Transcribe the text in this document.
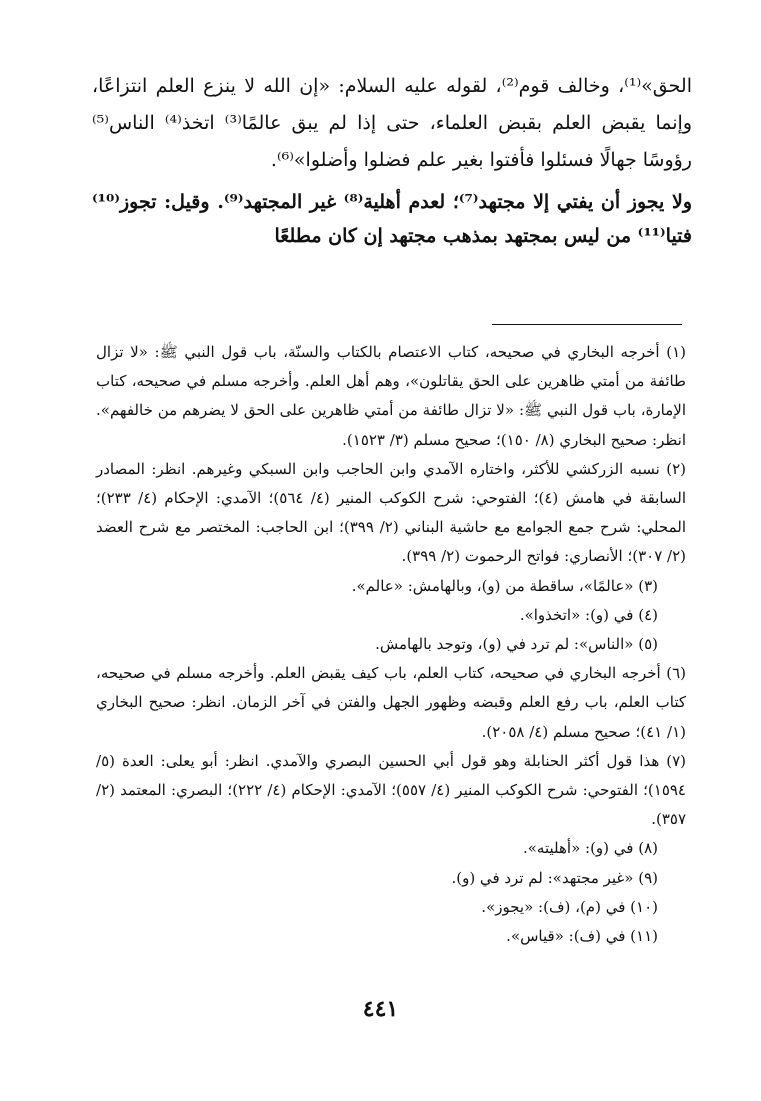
الحق»⁽¹⁾، وخالف قوم⁽²⁾، لقوله عليه السلام: «إن الله لا ينزع العلم انتزاعًا، وإنما يقبض العلم بقبض العلماء، حتى إذا لم يبق عالمًا⁽³⁾ اتخذ⁽⁴⁾ الناس⁽⁵⁾ رؤوسًا جهالًا فسئلوا فأفتوا بغير علم فضلوا وأضلوا»⁽⁶⁾.

ولا يجوز أن يفتي إلا مجتهد⁽⁷⁾؛ لعدم أهلية⁽⁸⁾ غير المجتهد⁽⁹⁾. وقيل: تجوز⁽¹⁰⁾ فتيا⁽¹¹⁾ من ليس بمجتهد بمذهب مجتهد إن كان مطلعًا

(١) أخرجه البخاري في صحيحه، كتاب الاعتصام بالكتاب والسنّة، باب قول النبي ﷺ: «لا تزال طائفة من أمتي ظاهرين على الحق يقاتلون»، وهم أهل العلم. وأخرجه مسلم في صحيحه، كتاب الإمارة، باب قول النبي ﷺ: «لا تزال طائفة من أمتي ظاهرين على الحق لا يضرهم من خالفهم». انظر: صحيح البخاري (٨/ ١٥٠)؛ صحيح مسلم (٣/ ١٥٢٣).

(٢) نسبه الزركشي للأكثر، واختاره الآمدي وابن الحاجب وابن السبكي وغيرهم. انظر: المصادر السابقة في هامش (٤)؛ الفتوحي: شرح الكوكب المنير (٤/ ٥٦٤)؛ الآمدي: الإحكام (٤/ ٢٣٣)؛ المحلي: شرح جمع الجوامع مع حاشية البناني (٢/ ٣٩٩)؛ ابن الحاجب: المختصر مع شرح العضد (٢/ ٣٠٧)؛ الأنصاري: فواتح الرحموت (٢/ ٣٩٩).

(٣) «عالمًا»، ساقطة من (و)، وبالهامش: «عالم».

(٤) في (و): «اتخذوا».

(٥) «الناس»: لم ترد في (و)، وتوجد بالهامش.

(٦) أخرجه البخاري في صحيحه، كتاب العلم، باب كيف يقبض العلم. وأخرجه مسلم في صحيحه، كتاب العلم، باب رفع العلم وقبضه وظهور الجهل والفتن في آخر الزمان. انظر: صحيح البخاري (١/ ٤١)؛ صحيح مسلم (٤/ ٢٠٥٨).

(٧) هذا قول أكثر الحنابلة وهو قول أبي الحسين البصري والآمدي. انظر: أبو يعلى: العدة (٥/ ١٥٩٤)؛ الفتوحي: شرح الكوكب المنير (٤/ ٥٥٧)؛ الآمدي: الإحكام (٤/ ٢٢٢)؛ البصري: المعتمد (٢/ ٣٥٧).

(٨) في (و): «أهليته».

(٩) «غير مجتهد»: لم ترد في (و).

(١٠) في (م)، (ف): «يجوز».

(١١) في (ف): «قياس».

٤٤١
